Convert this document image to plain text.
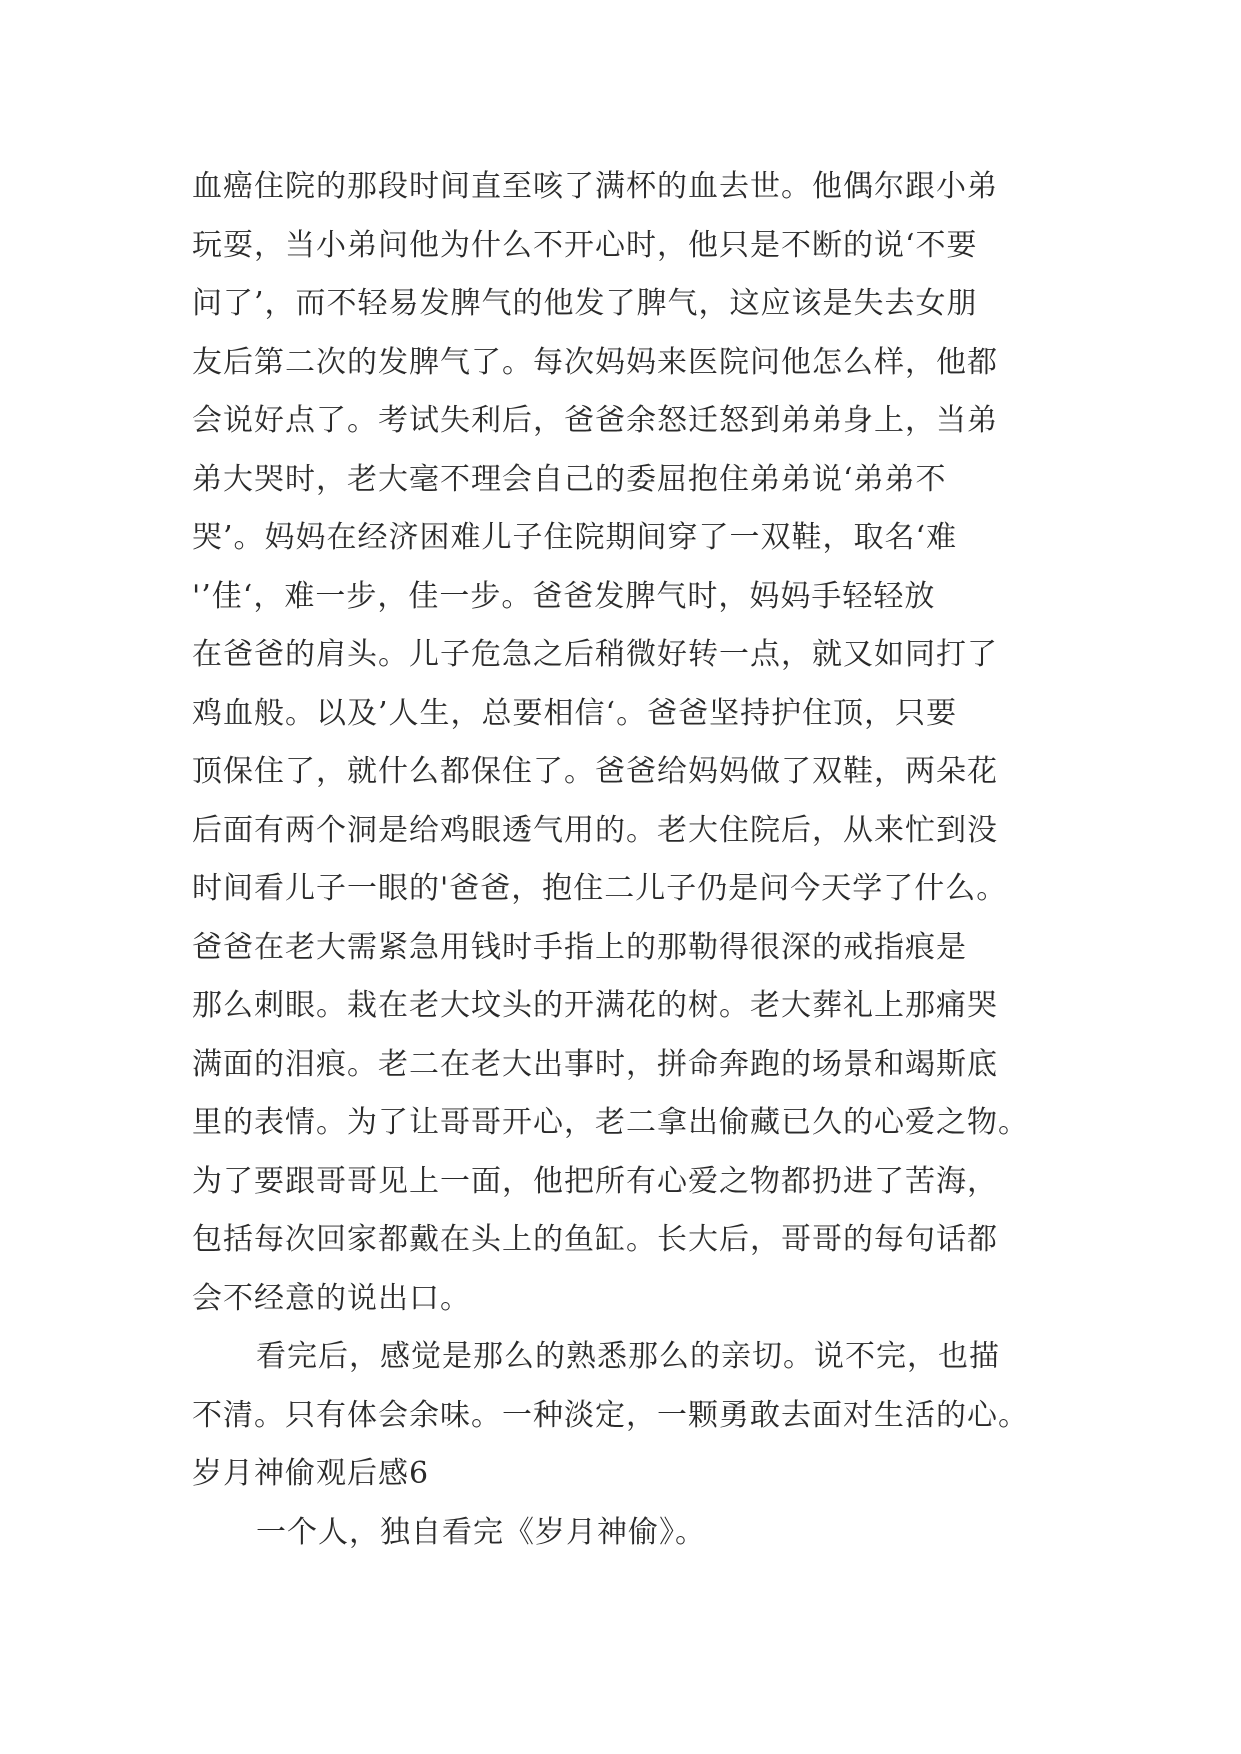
血癌住院的那段时间直至咳了满杯的血去世。他偶尔跟小弟
玩耍，当小弟问他为什么不开心时，他只是不断的说‘不要
问了’，而不轻易发脾气的他发了脾气，这应该是失去女朋
友后第二次的发脾气了。每次妈妈来医院问他怎么样，他都
会说好点了。考试失利后，爸爸余怒迁怒到弟弟身上，当弟
弟大哭时，老大毫不理会自己的委屈抱住弟弟说‘弟弟不
哭’。妈妈在经济困难儿子住院期间穿了一双鞋，取名‘难
'’佳‘，难一步，佳一步。爸爸发脾气时，妈妈手轻轻放
在爸爸的肩头。儿子危急之后稍微好转一点，就又如同打了
鸡血般。以及’人生，总要相信‘。爸爸坚持护住顶，只要
顶保住了，就什么都保住了。爸爸给妈妈做了双鞋，两朵花
后面有两个洞是给鸡眼透气用的。老大住院后，从来忙到没
时间看儿子一眼的'爸爸，抱住二儿子仍是问今天学了什么。
爸爸在老大需紧急用钱时手指上的那勒得很深的戒指痕是
那么刺眼。栽在老大坟头的开满花的树。老大葬礼上那痛哭
满面的泪痕。老二在老大出事时，拼命奔跑的场景和竭斯底
里的表情。为了让哥哥开心，老二拿出偷藏已久的心爱之物。
为了要跟哥哥见上一面，他把所有心爱之物都扔进了苦海，
包括每次回家都戴在头上的鱼缸。长大后，哥哥的每句话都
会不经意的说出口。
看完后，感觉是那么的熟悉那么的亲切。说不完，也描
不清。只有体会余味。一种淡定，一颗勇敢去面对生活的心。
岁月神偷观后感6
一个人，独自看完《岁月神偷》。
